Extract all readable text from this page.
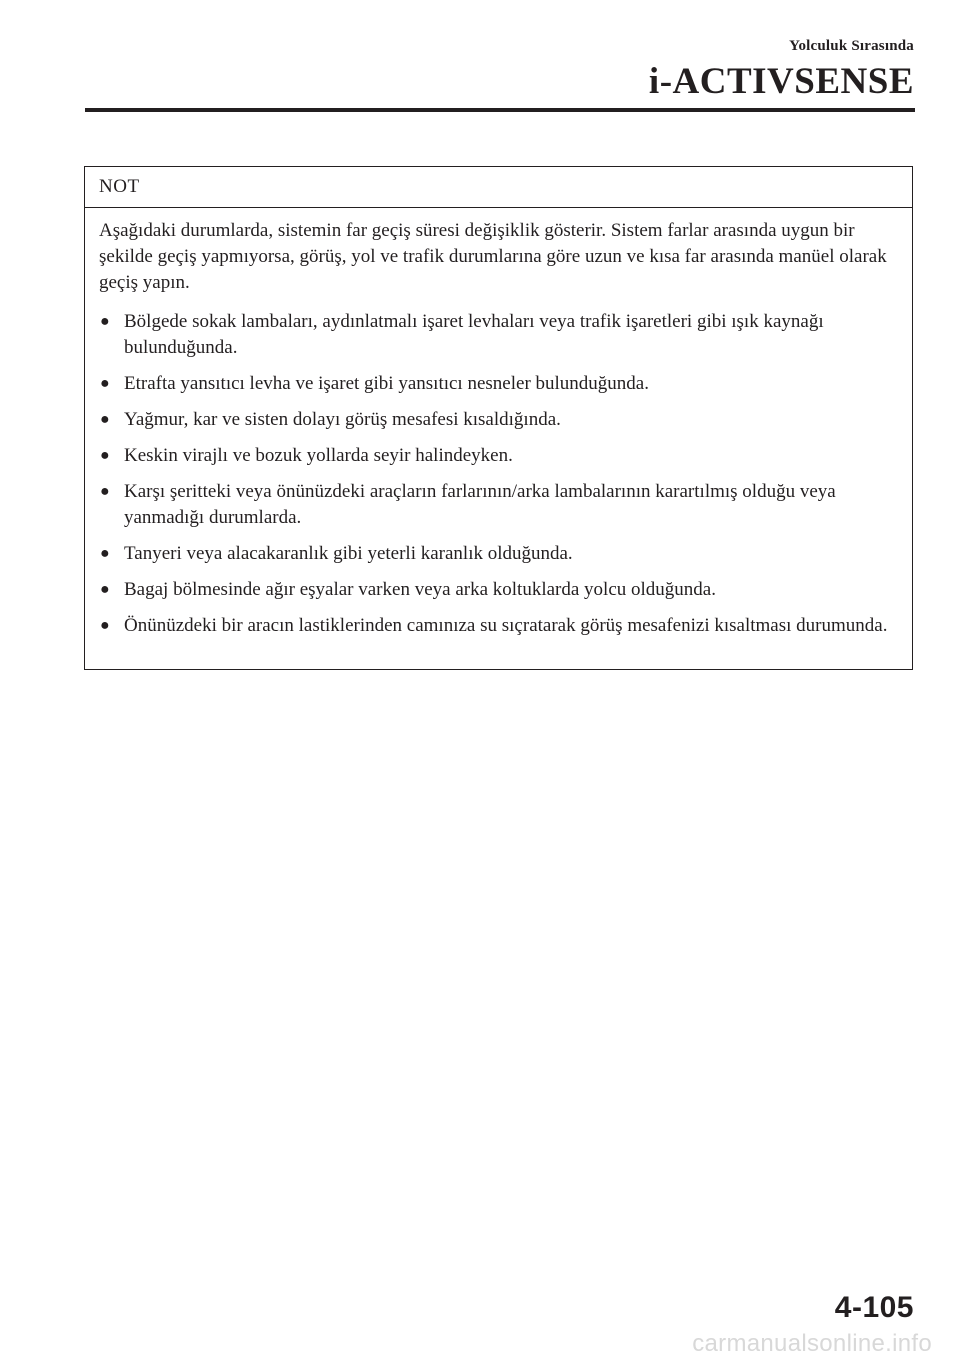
Yolculuk Sırasında
i-ACTIVSENSE
NOT

Aşağıdaki durumlarda, sistemin far geçiş süresi değişiklik gösterir. Sistem farlar arasında uygun bir şekilde geçiş yapmıyorsa, görüş, yol ve trafik durumlarına göre uzun ve kısa far arasında manüel olarak geçiş yapın.

● Bölgede sokak lambaları, aydınlatmalı işaret levhaları veya trafik işaretleri gibi ışık kaynağı bulunduğunda.
● Etrafta yansıtıcı levha ve işaret gibi yansıtıcı nesneler bulunduğunda.
● Yağmur, kar ve sisten dolayı görüş mesafesi kısaldığında.
● Keskin virajlı ve bozuk yollarda seyir halindeyken.
● Karşı şeritteki veya önünüzdeki araçların farlarının/arka lambalarının karartılmış olduğu veya yanmadığı durumlarda.
● Tanyeri veya alacakaranlık gibi yeterli karanlık olduğunda.
● Bagaj bölmesinde ağır eşyalar varken veya arka koltuklarda yolcu olduğunda.
● Önünüzdeki bir aracın lastiklerinden camınıza su sıçratarak görüş mesafenizi kısaltması durumunda.
4-105
carmanualsonline.info
